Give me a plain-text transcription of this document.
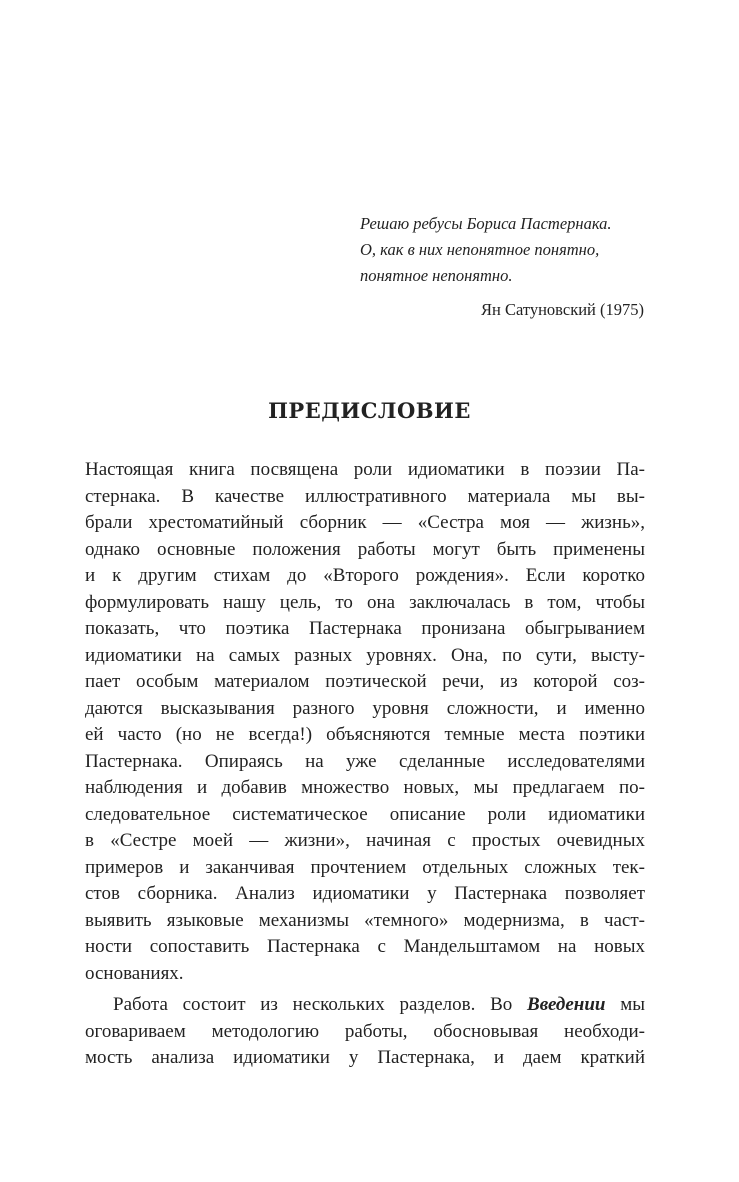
Решаю ребусы Бориса Пастернака.
О, как в них непонятное понятно,
понятное непонятно.
Ян Сатуновский (1975)
ПРЕДИСЛОВИЕ
Настоящая книга посвящена роли идиоматики в поэзии Па-
стернака. В качестве иллюстративного материала мы вы-
брали хрестоматийный сборник — «Сестра моя — жизнь»,
однако основные положения работы могут быть применены
и к другим стихам до «Второго рождения». Если коротко
формулировать нашу цель, то она заключалась в том, чтобы
показать, что поэтика Пастернака пронизана обыгрыванием
идиоматики на самых разных уровнях. Она, по сути, высту-
пает особым материалом поэтической речи, из которой соз-
даются высказывания разного уровня сложности, и именно
ей часто (но не всегда!) объясняются темные места поэтики
Пастернака. Опираясь на уже сделанные исследователями
наблюдения и добавив множество новых, мы предлагаем по-
следовательное систематическое описание роли идиоматики
в «Сестре моей — жизни», начиная с простых очевидных
примеров и заканчивая прочтением отдельных сложных тек-
стов сборника. Анализ идиоматики у Пастернака позволяет
выявить языковые механизмы «темного» модернизма, в част-
ности сопоставить Пастернака с Мандельштамом на новых
основаниях.
Работа состоит из нескольких разделов. Во Введении мы
оговариваем методологию работы, обосновывая необходи-
мость анализа идиоматики у Пастернака, и даем краткий
